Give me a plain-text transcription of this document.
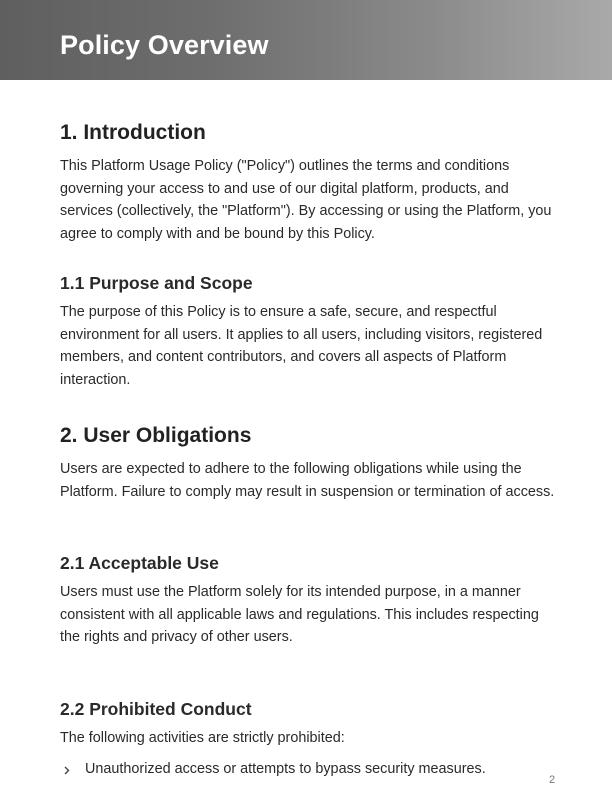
Policy Overview
1. Introduction

This Platform Usage Policy ("Policy") outlines the terms and conditions governing your access to and use of our digital platform, products, and services (collectively, the "Platform"). By accessing or using the Platform, you agree to comply with and be bound by this Policy.

1.1 Purpose and Scope

The purpose of this Policy is to ensure a safe, secure, and respectful environment for all users. It applies to all users, including visitors, registered members, and content contributors, and covers all aspects of Platform interaction.

2. User Obligations

Users are expected to adhere to the following obligations while using the Platform. Failure to comply may result in suspension or termination of access.

2.1 Acceptable Use

Users must use the Platform solely for its intended purpose, in a manner consistent with all applicable laws and regulations. This includes respecting the rights and privacy of other users.

2.2 Prohibited Conduct

The following activities are strictly prohibited:

Unauthorized access or attempts to bypass security measures.
2
